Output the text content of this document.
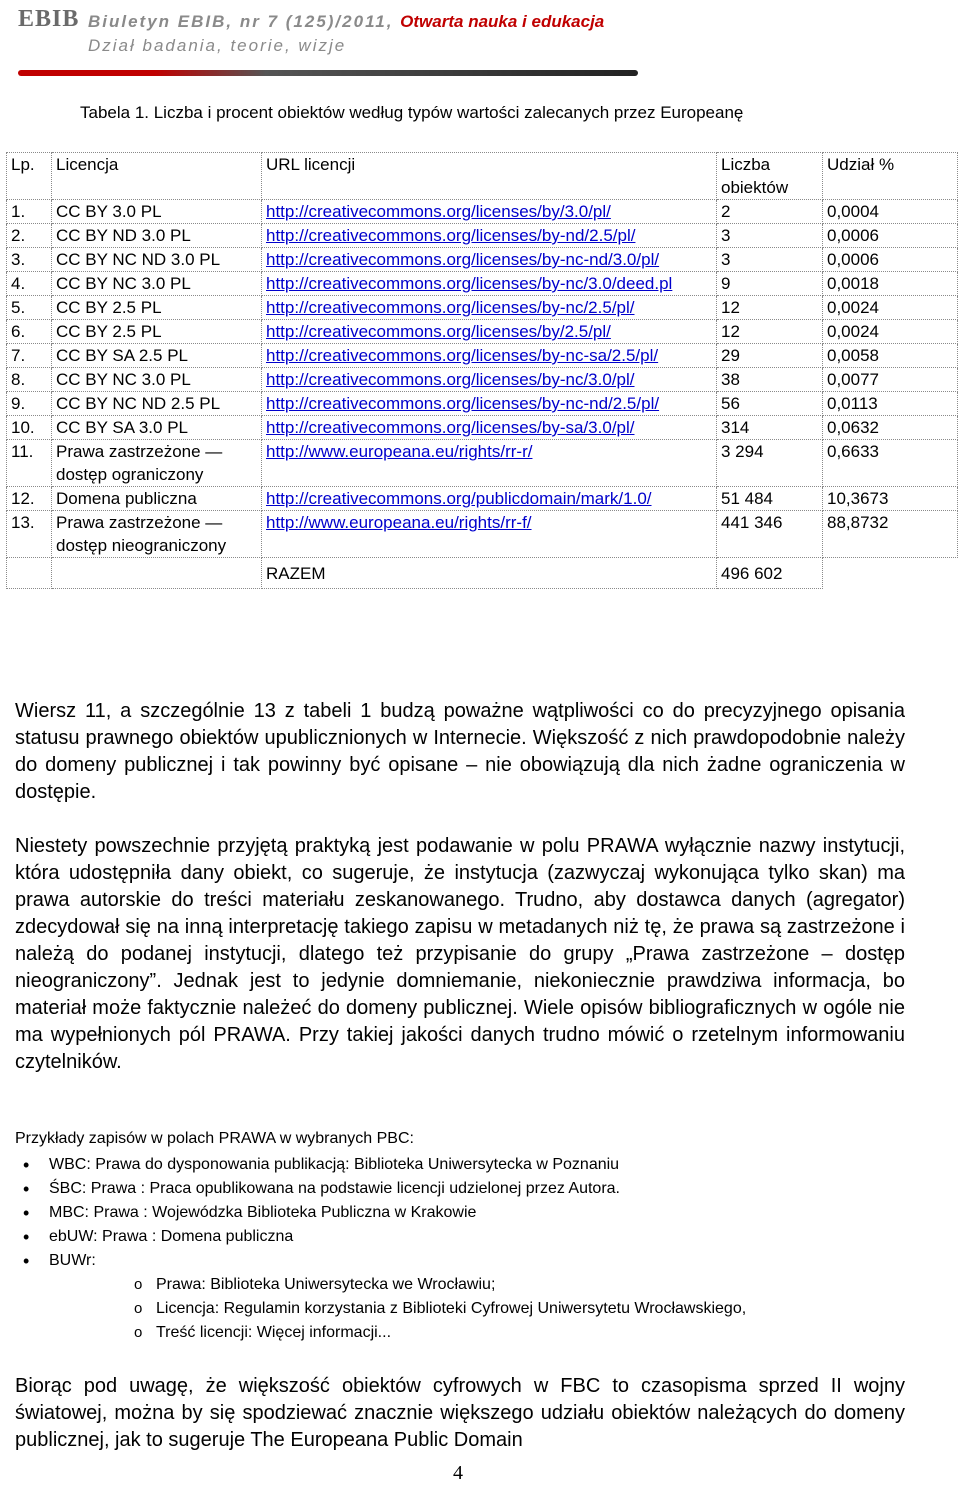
EBIB Biuletyn EBIB, nr 7 (125)/2011, Otwarta nauka i edukacja
Dział badania, teorie, wizje
Tabela 1. Liczba i procent obiektów według typów wartości zalecanych przez Europeanę
Lp.	Licencja	URL licencji	Liczba obiektów	Udział %
1.	CC BY 3.0 PL	http://creativecommons.org/licenses/by/3.0/pl/	2	0,0004
2.	CC BY ND 3.0 PL	http://creativecommons.org/licenses/by-nd/2.5/pl/	3	0,0006
3.	CC BY NC ND 3.0 PL	http://creativecommons.org/licenses/by-nc-nd/3.0/pl/	3	0,0006
4.	CC BY NC 3.0 PL	http://creativecommons.org/licenses/by-nc/3.0/deed.pl	9	0,0018
5.	CC BY 2.5 PL	http://creativecommons.org/licenses/by-nc/2.5/pl/	12	0,0024
6.	CC BY 2.5 PL	http://creativecommons.org/licenses/by/2.5/pl/	12	0,0024
7.	CC BY SA 2.5 PL	http://creativecommons.org/licenses/by-nc-sa/2.5/pl/	29	0,0058
8.	CC BY NC 3.0 PL	http://creativecommons.org/licenses/by-nc/3.0/pl/	38	0,0077
9.	CC BY NC ND 2.5 PL	http://creativecommons.org/licenses/by-nc-nd/2.5/pl/	56	0,0113
10.	CC BY SA 3.0 PL	http://creativecommons.org/licenses/by-sa/3.0/pl/	314	0,0632
11.	Prawa zastrzeżone — dostęp ograniczony	http://www.europeana.eu/rights/rr-r/	3 294	0,6633
12.	Domena publiczna	http://creativecommons.org/publicdomain/mark/1.0/	51 484	10,3673
13.	Prawa zastrzeżone — dostęp nieograniczony	http://www.europeana.eu/rights/rr-f/	441 346	88,8732
		RAZEM	496 602	
Wiersz 11, a szczególnie 13 z tabeli 1 budzą poważne wątpliwości co do precyzyjnego opisania statusu prawnego obiektów upublicznionych w Internecie. Większość z nich prawdopodobnie należy do domeny publicznej i tak powinny być opisane – nie obowiązują dla nich żadne ograniczenia w dostępie.
Niestety powszechnie przyjętą praktyką jest podawanie w polu PRAWA wyłącznie nazwy instytucji, która udostępniła dany obiekt, co sugeruje, że instytucja (zazwyczaj wykonująca tylko skan) ma prawa autorskie do treści materiału zeskanowanego. Trudno, aby dostawca danych (agregator) zdecydował się na inną interpretację takiego zapisu w metadanych niż tę, że prawa są zastrzeżone i należą do podanej instytucji, dlatego też przypisanie do grupy „Prawa zastrzeżone – dostęp nieograniczony”. Jednak jest to jedynie domniemanie, niekoniecznie prawdziwa informacja, bo materiał może faktycznie należeć do domeny publicznej. Wiele opisów bibliograficznych w ogóle nie ma wypełnionych pól PRAWA. Przy takiej jakości danych trudno mówić o rzetelnym informowaniu czytelników.
Przykłady zapisów w polach PRAWA w wybranych PBC:
• WBC: Prawa do dysponowania publikacją: Biblioteka Uniwersytecka w Poznaniu
• ŚBC: Prawa : Praca opublikowana na podstawie licencji udzielonej przez Autora.
• MBC: Prawa : Wojewódzka Biblioteka Publiczna w Krakowie
• ebUW: Prawa : Domena publiczna
• BUWr:
o Prawa: Biblioteka Uniwersytecka we Wrocławiu;
o Licencja: Regulamin korzystania z Biblioteki Cyfrowej Uniwersytetu Wrocławskiego,
o Treść licencji: Więcej informacji...
Biorąc pod uwagę, że większość obiektów cyfrowych w FBC to czasopisma sprzed II wojny światowej, można by się spodziewać znacznie większego udziału obiektów należących do domeny publicznej, jak to sugeruje The Europeana Public Domain
4
